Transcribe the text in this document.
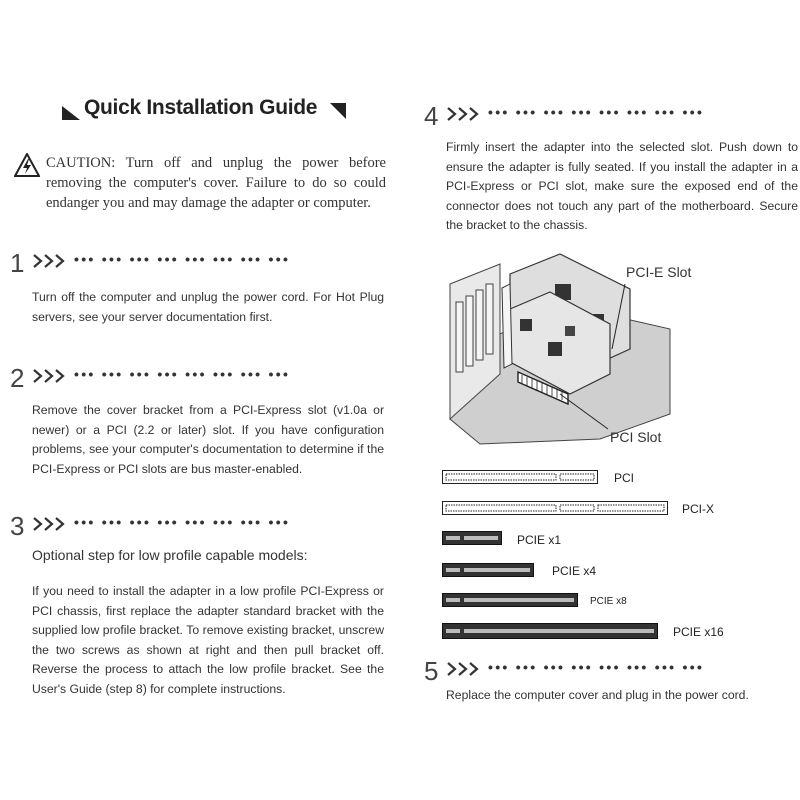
Quick Installation Guide
CAUTION: Turn off and unplug the power before removing the computer's cover. Failure to do so could endanger you and may damage the adapter or computer.
1	••• ••• ••• ••• ••• ••• ••• •••
Turn off the computer and unplug the power cord. For Hot Plug servers, see your server documentation first.
2	••• ••• ••• ••• ••• ••• ••• •••
Remove the cover bracket from a PCI-Express slot (v1.0a or newer) or a PCI (2.2 or later) slot. If you have configuration problems, see your computer's documentation to determine if the PCI-Express or PCI slots are bus master-enabled.
3	••• ••• ••• ••• ••• ••• ••• •••
Optional step for low profile capable models:
If you need to install the adapter in a low profile PCI-Express or PCI chassis, first replace the adapter standard bracket with the supplied low profile bracket. To remove existing bracket, unscrew the two screws as shown at right and then pull bracket off. Reverse the process to attach the low profile bracket. See the User's Guide (step 8) for complete instructions.
4	••• ••• ••• ••• ••• ••• ••• •••
Firmly insert the adapter into the selected slot. Push down to ensure the adapter is fully seated. If you install the adapter in a PCI-Express or PCI slot, make sure the exposed end of the connector does not touch any part of the motherboard. Secure the bracket to the chassis.
PCI-E Slot
PCI Slot
PCI
PCI-X
PCIE x1
PCIE x4
PCIE x8
PCIE x16
5	••• ••• ••• ••• ••• ••• ••• •••
Replace the computer cover and plug in the power cord.
